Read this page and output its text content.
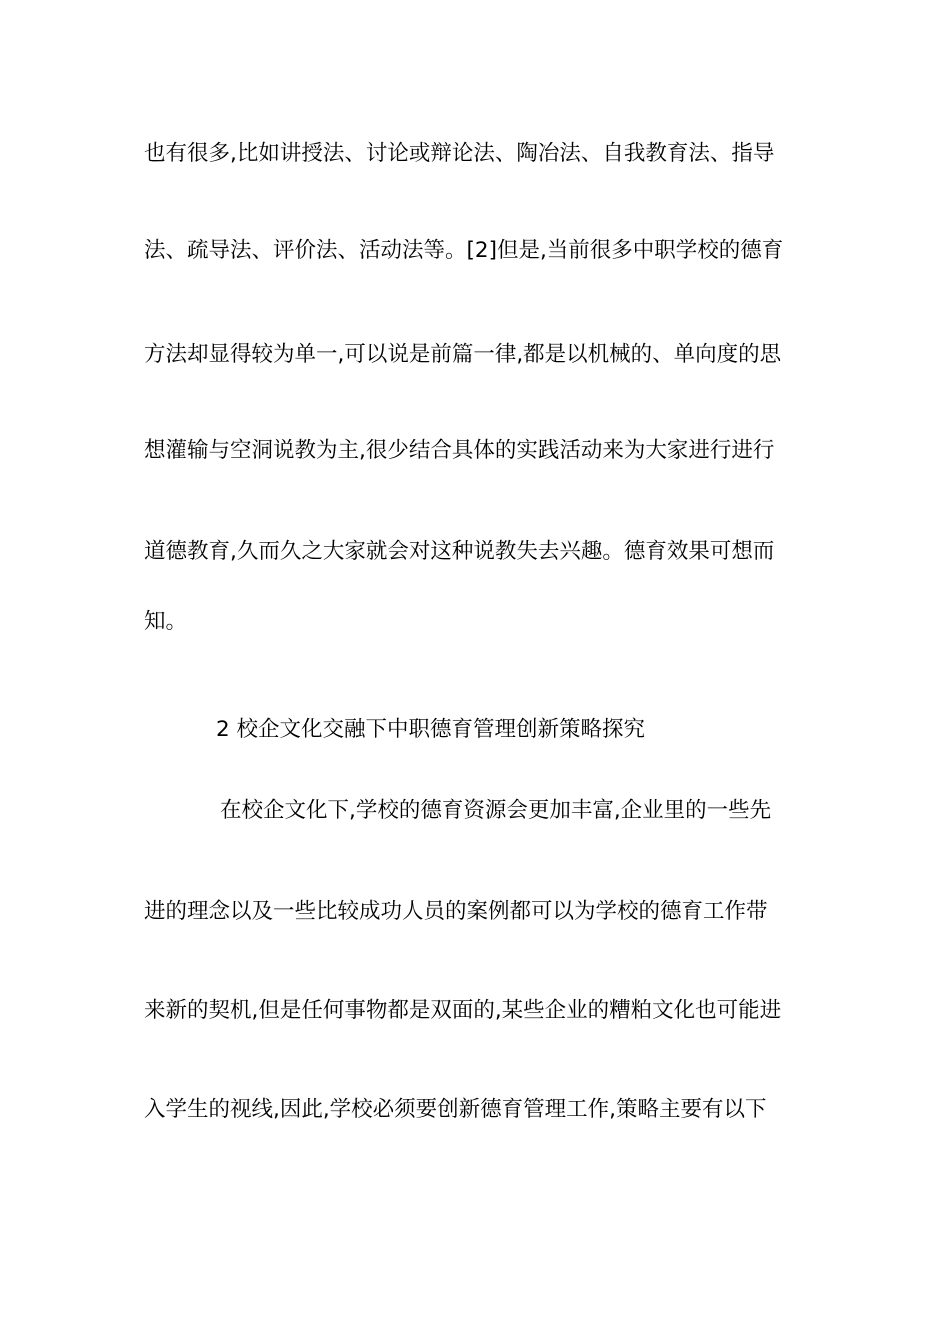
也有很多,比如讲授法、讨论或辩论法、陶冶法、自我教育法、指导
法、疏导法、评价法、活动法等。[2]但是,当前很多中职学校的德育
方法却显得较为单一,可以说是前篇一律,都是以机械的、单向度的思
想灌输与空洞说教为主,很少结合具体的实践活动来为大家进行进行
道德教育,久而久之大家就会对这种说教失去兴趣。德育效果可想而
知。
2 校企文化交融下中职德育管理创新策略探究
在校企文化下,学校的德育资源会更加丰富,企业里的一些先
进的理念以及一些比较成功人员的案例都可以为学校的德育工作带
来新的契机,但是任何事物都是双面的,某些企业的糟粕文化也可能进
入学生的视线,因此,学校必须要创新德育管理工作,策略主要有以下
